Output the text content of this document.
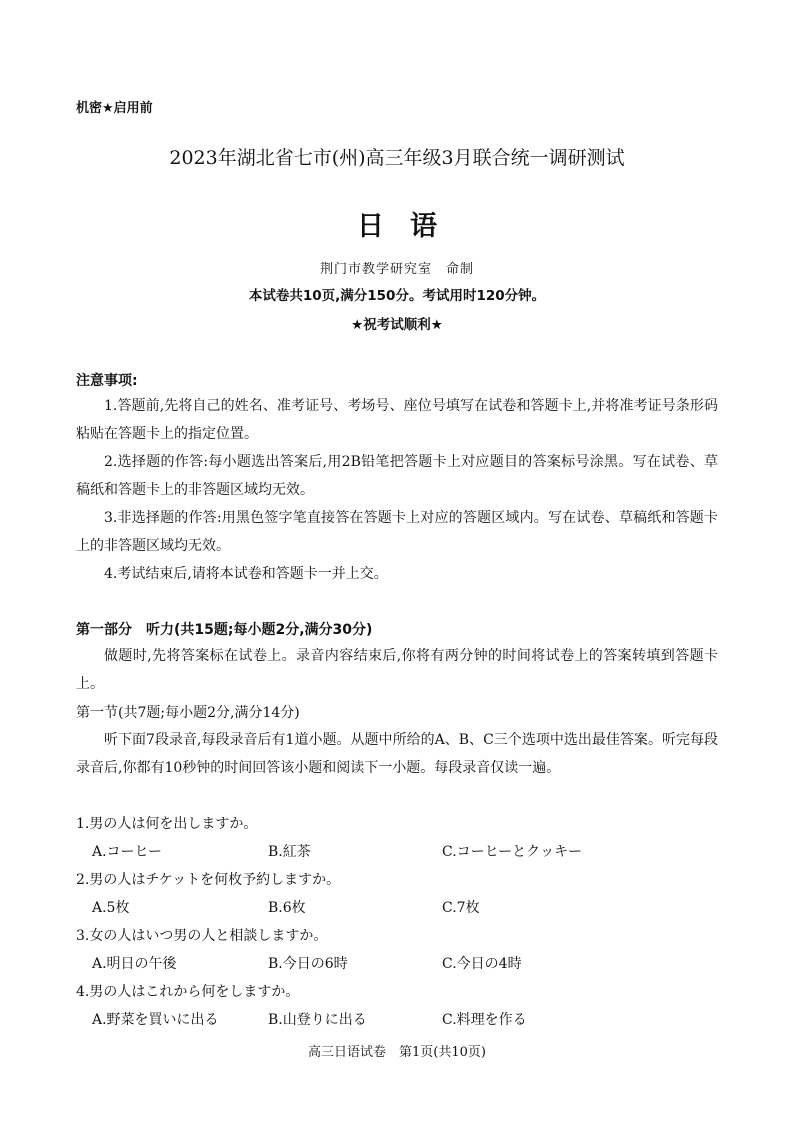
机密★启用前
2023年湖北省七市(州)高三年级3月联合统一调研测试
日语
荆门市教学研究室　命制
本试卷共10页,满分150分。考试用时120分钟。
★祝考试顺利★
注意事项:
1.答题前,先将自己的姓名、准考证号、考场号、座位号填写在试卷和答题卡上,并将准考证号条形码粘贴在答题卡上的指定位置。
2.选择题的作答:每小题选出答案后,用2B铅笔把答题卡上对应题目的答案标号涂黑。写在试卷、草稿纸和答题卡上的非答题区域均无效。
3.非选择题的作答:用黑色签字笔直接答在答题卡上对应的答题区域内。写在试卷、草稿纸和答题卡上的非答题区域均无效。
4.考试结束后,请将本试卷和答题卡一并上交。
第一部分　听力(共15题;每小题2分,满分30分)
做题时,先将答案标在试卷上。录音内容结束后,你将有两分钟的时间将试卷上的答案转填到答题卡上。
第一节(共7题;每小题2分,满分14分)
听下面7段录音,每段录音后有1道小题。从题中所给的A、B、C三个选项中选出最佳答案。听完每段录音后,你都有10秒钟的时间回答该小题和阅读下一小题。每段录音仅读一遍。
1.男の人は何を出しますか。
A.コーヒー	B.紅茶	C.コーヒーとクッキー
2.男の人はチケットを何枚予約しますか。
A.5枚	B.6枚	C.7枚
3.女の人はいつ男の人と相談しますか。
A.明日の午後	B.今日の6時	C.今日の4時
4.男の人はこれから何をしますか。
A.野菜を買いに出る	B.山登りに出る	C.料理を作る
高三日语试卷　第1页(共10页)
